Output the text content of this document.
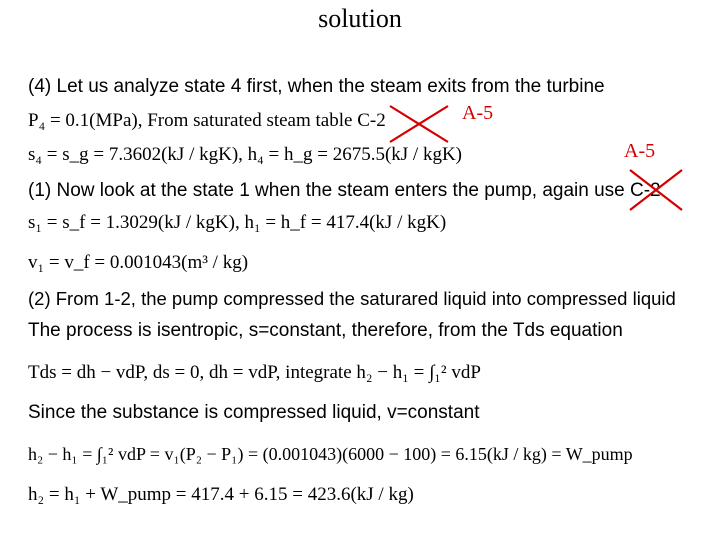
solution
(4) Let us analyze state 4 first, when the steam exits from the turbine
P₄ = 0.1(MPa), From saturated steam table C-2
s₄ = s_g = 7.3602(kJ / kgK), h₄ = h_g = 2675.5(kJ / kgK)
(1) Now look at the state 1 when the steam enters the pump, again use C-2
s₁ = s_f = 1.3029(kJ / kgK), h₁ = h_f = 417.4(kJ / kgK)
v₁ = v_f = 0.001043(m³ / kg)
(2) From 1-2, the pump compressed the saturared liquid into compressed liquid
The process is isentropic, s=constant, therefore, from the Tds equation
Tds = dh − vdP, ds = 0, dh = vdP, integrate h₂ − h₁ = ∫₁² vdP
Since the substance is compressed liquid, v=constant
h₂ − h₁ = ∫₁² vdP = v₁(P₂ − P₁) = (0.001043)(6000 − 100) = 6.15(kJ / kg) = W_pump
h₂ = h₁ + W_pump = 417.4 + 6.15 = 423.6(kJ / kg)
A-5
A-5
